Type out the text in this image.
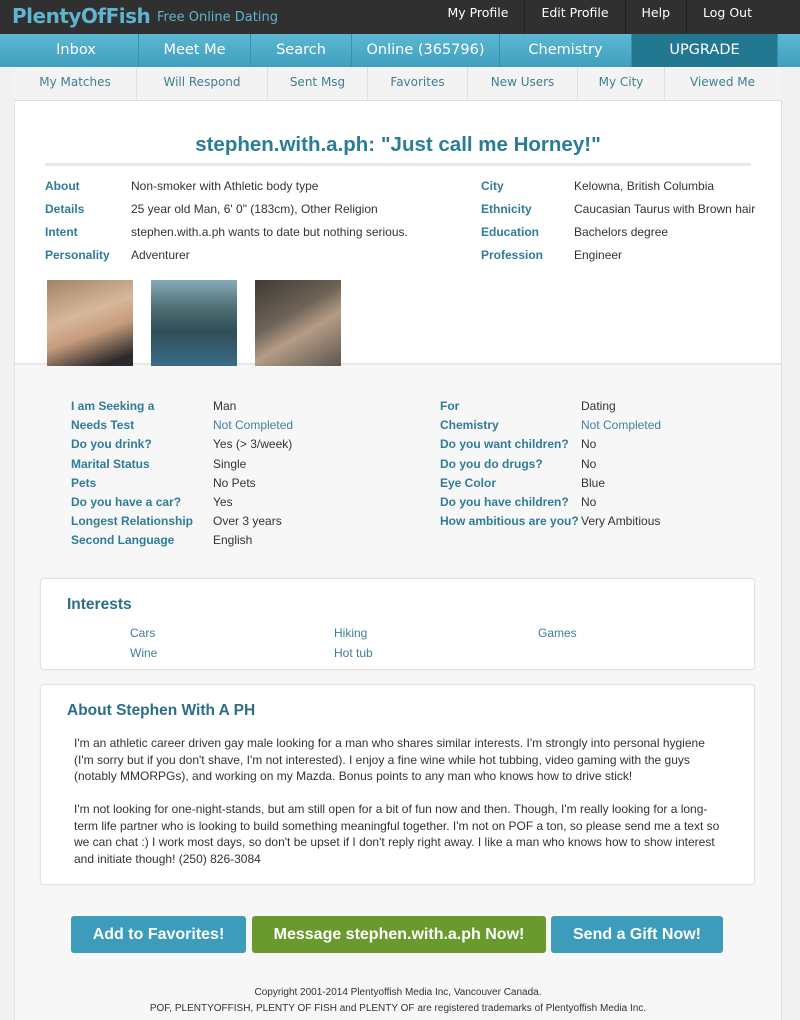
PlentyOfFish Free Online Dating	My Profile	Edit Profile	Help	Log Out
Inbox	Meet Me	Search	Online (365796)	Chemistry	UPGRADE
My Matches	Will Respond	Sent Msg	Favorites	New Users	My City	Viewed Me
stephen.with.a.ph: "Just call me Horney!"
About	Non-smoker with Athletic body type
Details	25 year old Man, 6' 0" (183cm), Other Religion
Intent	stephen.with.a.ph wants to date but nothing serious.
Personality	Adventurer
City	Kelowna, British Columbia
Ethnicity	Caucasian Taurus with Brown hair
Education	Bachelors degree
Profession	Engineer
I am Seeking a	Man
Needs Test	Not Completed
Do you drink?	Yes (> 3/week)
Marital Status	Single
Pets	No Pets
Do you have a car?	Yes
Longest Relationship	Over 3 years
Second Language	English
For	Dating
Chemistry	Not Completed
Do you want children?	No
Do you do drugs?	No
Eye Color	Blue
Do you have children?	No
How ambitious are you? Very Ambitious
Interests
Cars	Hiking	Games
Wine	Hot tub
About Stephen With A PH

I'm an athletic career driven gay male looking for a man who shares similar interests. I'm strongly into personal hygiene (I'm sorry but if you don't shave, I'm not interested). I enjoy a fine wine while hot tubbing, video gaming with the guys (notably MMORPGs), and working on my Mazda. Bonus points to any man who knows how to drive stick!

I'm not looking for one-night-stands, but am still open for a bit of fun now and then. Though, I'm really looking for a long-term life partner who is looking to build something meaningful together. I'm not on POF a ton, so please send me a text so we can chat :) I work most days, so don't be upset if I don't reply right away. I like a man who knows how to show interest and initiate though! (250) 826-3084

Add to Favorites!	Message stephen.with.a.ph Now!	Send a Gift Now!
Copyright 2001-2014 Plentyoffish Media Inc, Vancouver Canada.
POF, PLENTYOFFISH, PLENTY OF FISH and PLENTY OF are registered trademarks of Plentyoffish Media Inc.
